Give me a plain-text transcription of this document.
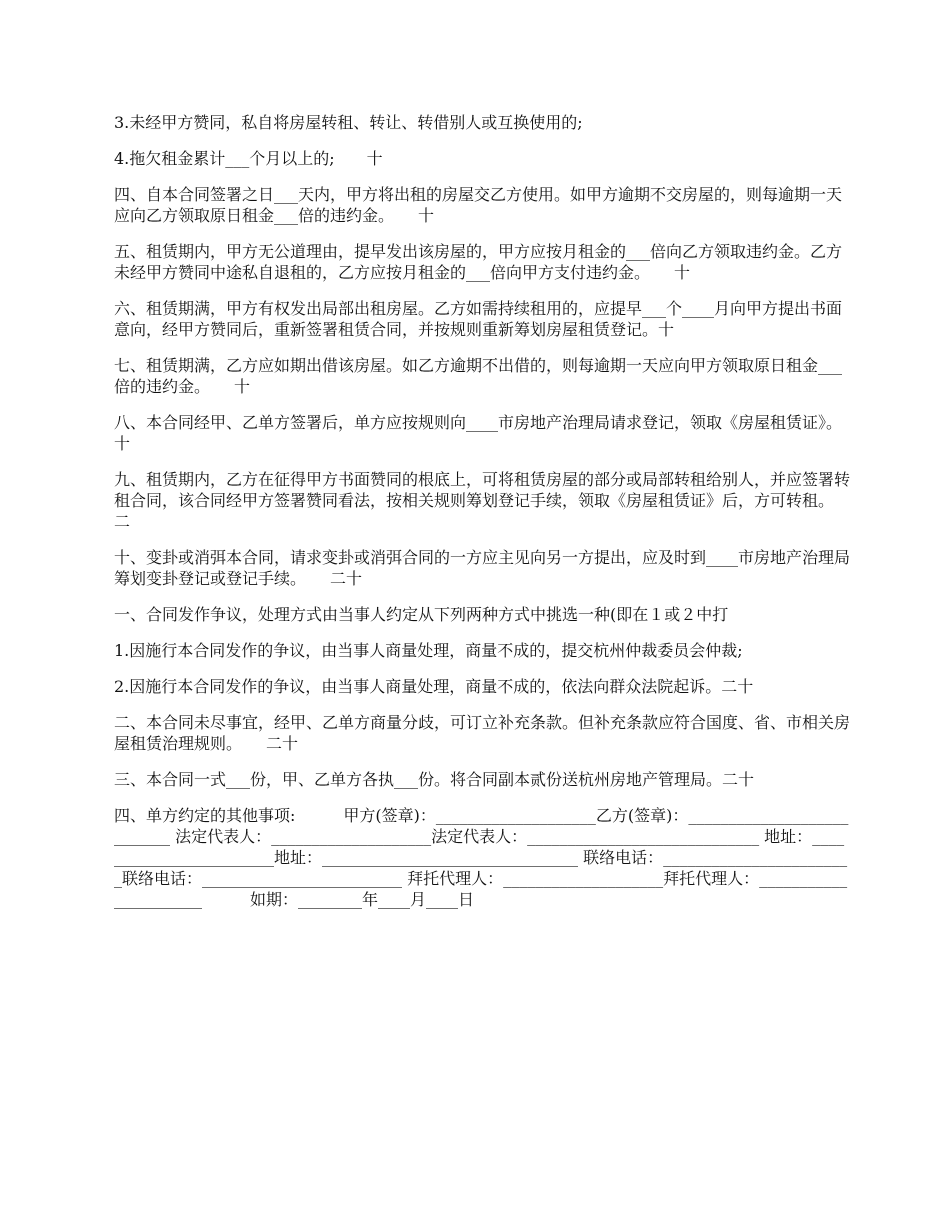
3.未经甲方赞同，私自将房屋转租、转让、转借别人或互换使用的;

4.拖欠租金累计___个月以上的;　　十

四、自本合同签署之日___天内，甲方将出租的房屋交乙方使用。如甲方逾期不交房屋的，则每逾期一天应向乙方领取原日租金___倍的违约金。　　十

五、租赁期内，甲方无公道理由，提早发出该房屋的，甲方应按月租金的___倍向乙方领取违约金。乙方未经甲方赞同中途私自退租的，乙方应按月租金的___倍向甲方支付违约金。　　十

六、租赁期满，甲方有权发出局部出租房屋。乙方如需持续租用的，应提早___个____月向甲方提出书面意向，经甲方赞同后，重新签署租赁合同，并按规则重新筹划房屋租赁登记。十

七、租赁期满，乙方应如期出借该房屋。如乙方逾期不出借的，则每逾期一天应向甲方领取原日租金___倍的违约金。　　十

八、本合同经甲、乙单方签署后，单方应按规则向____市房地产治理局请求登记，领取《房屋租赁证》。　　十

九、租赁期内，乙方在征得甲方书面赞同的根底上，可将租赁房屋的部分或局部转租给别人，并应签署转租合同，该合同经甲方签署赞同看法，按相关规则筹划登记手续，领取《房屋租赁证》后，方可转租。　　二

十、变卦或消弭本合同，请求变卦或消弭合同的一方应主见向另一方提出，应及时到____市房地产治理局筹划变卦登记或登记手续。　　二十

一、合同发作争议，处理方式由当事人约定从下列两种方式中挑选一种(即在１或２中打

1.因施行本合同发作的争议，由当事人商量处理，商量不成的，提交杭州仲裁委员会仲裁;

2.因施行本合同发作的争议，由当事人商量处理，商量不成的，依法向群众法院起诉。二十

二、本合同未尽事宜，经甲、乙单方商量分歧，可订立补充条款。但补充条款应符合国度、省、市相关房屋租赁治理规则。　　二十

三、本合同一式___份，甲、乙单方各执___份。将合同副本贰份送杭州房地产管理局。二十

四、单方约定的其他事项:　　　甲方(签章)：____________________乙方(签章)：___________________________ 法定代表人：____________________法定代表人：_____________________________ 地址：________________________地址：________________________________ 联络电话：________________________联络电话：_________________________ 拜托代理人：____________________拜托代理人：______________________　　　如期：________年____月____日
